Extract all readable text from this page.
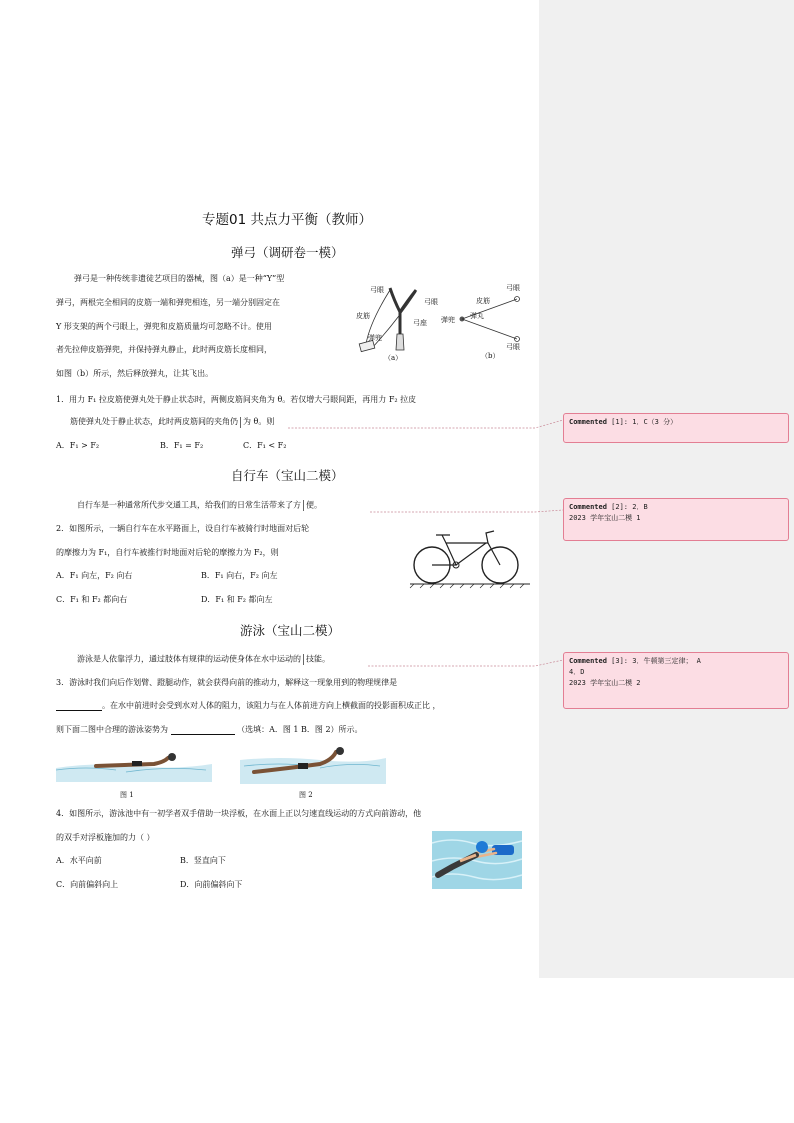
专题01 共点力平衡（教师）
弹弓（调研卷一模）
弹弓是一种传统非遗徒艺项目的器械，图（a）是一种“Y”型
弹弓，两根完全相同的皮筋一端和弹兜相连，另一端分别固定在
Y 形支架的两个弓眼上，弹兜和皮筋质量均可忽略不计。使用
者先拉伸皮筋弹兜，并保持弹丸静止，此时两皮筋长度相同，
如图（b）所示，然后释放弹丸，让其飞出。
弓眼
弓眼
皮筋
弓座
弹兜
（a）
皮筋
弓眼
弹丸
弹兜
弓眼
（b）
1．用力 F₁ 拉皮筋使弹丸处于静止状态时，两侧皮筋间夹角为 θ。若仅增大弓眼间距，再用力 F₂ 拉皮
筋使弹丸处于静止状态，此时两皮筋间的夹角仍 为 θ。则
A．F₁ > F₂	B．F₁ = F₂	C．F₁ < F₂
自行车（宝山二模）
自行车是一种通常所代步交通工具，给我们的日常生活带来了方 便。
2．如图所示，一辆自行车在水平路面上，设自行车被骑行时地面对后轮
的摩擦力为 F₁，自行车被推行时地面对后轮的摩擦力为 F₂，则
A．F₁ 向左，F₂ 向右	B．F₁ 向右，F₂ 向左
C．F₁ 和 F₂ 都向右	D．F₁ 和 F₂ 都向左
游泳（宝山二模）
游泳是人依靠浮力，通过肢体有规律的运动使身体在水中运动的 技能。
3．游泳时我们向后作划臂、蹬腿动作，就会获得向前的推动力，解释这一现象用到的物理规律是
。在水中前进时会受到水对人体的阻力，该阻力与在人体前进方向上横截面的投影面积成正比 ，
则下面二图中合理的游泳姿势为	（选填：A．图 1 B．图 2）所示。
图 1	图 2
4．如图所示，游泳池中有一初学者双手借助一块浮板，在水面上正以匀速直线运动的方式向前游动，他
的双手对浮板施加的力（ ）
A．水平向前	B．竖直向下
C．向前偏斜向上	D．向前偏斜向下
Commented [1]: 1．C（3 分）
Commented [2]: 2．B
2023 学年宝山二模 1
Commented [3]: 3．牛顿第三定律； A
4．D
2023 学年宝山二模 2
